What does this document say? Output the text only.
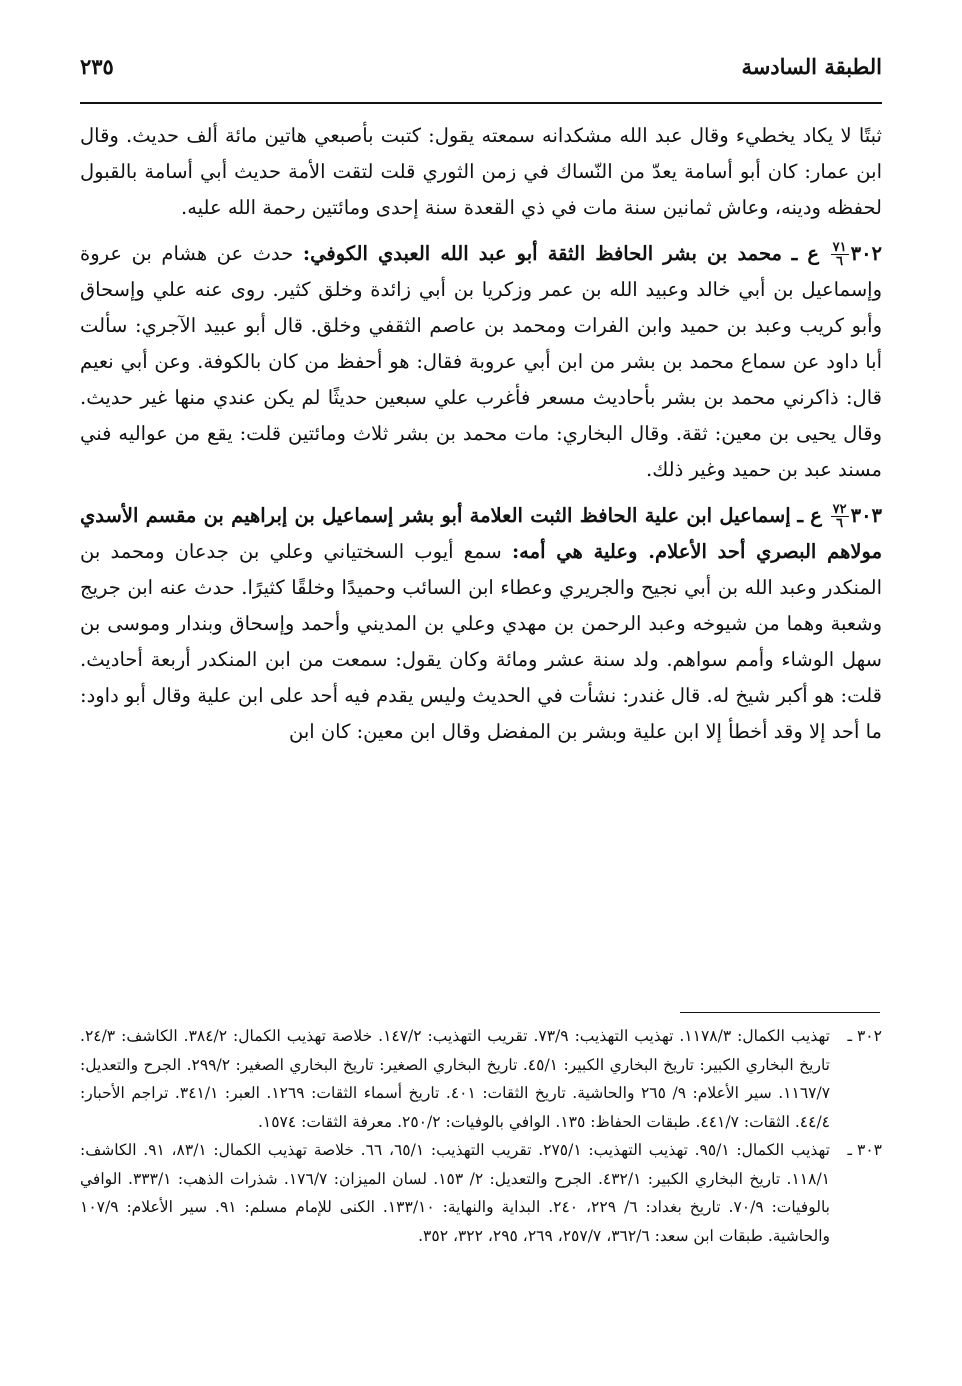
الطبقة السادسة
٢٣٥

ثبتًا لا يكاد يخطيء وقال عبد الله مشكدانه سمعته يقول: كتبت بأصبعي هاتين مائة ألف حديث. وقال ابن عمار: كان أبو أسامة يعدّ من النّساك في زمن الثوري قلت لتقت الأمة حديث أبي أسامة بالقبول لحفظه ودينه، وعاش ثمانين سنة مات في ذي القعدة سنة إحدى ومائتين رحمة الله عليه.

٣٠٢
$\frac{٧١}{٦}$
ع ـ محمد بن بشر الحافظ الثقة أبو عبد الله العبدي الكوفي: حدث عن هشام بن عروة وإسماعيل بن أبي خالد وعبيد الله بن عمر وزكريا بن أبي زائدة وخلق كثير. روى عنه علي وإسحاق وأبو كريب وعبد بن حميد وابن الفرات ومحمد بن عاصم الثقفي وخلق. قال أبو عبيد الآجري: سألت أبا داود عن سماع محمد بن بشر من ابن أبي عروبة فقال: هو أحفظ من كان بالكوفة. وعن أبي نعيم قال: ذاكرني محمد بن بشر بأحاديث مسعر فأغرب علي سبعين حديثًا لم يكن عندي منها غير حديث. وقال يحيى بن معين: ثقة. وقال البخاري: مات محمد بن بشر ثلاث ومائتين قلت: يقع من عواليه فني مسند عبد بن حميد وغير ذلك.

٣٠٣
$\frac{٧٢}{٦}$
ع ـ إسماعيل ابن علية الحافظ الثبت العلامة أبو بشر إسماعيل بن إبراهيم بن مقسم الأسدي مولاهم البصري أحد الأعلام. وعلية هي أمه: سمع أيوب السختياني وعلي بن جدعان ومحمد بن المنكدر وعبد الله بن أبي نجيح والجريري وعطاء ابن السائب وحميدًا وخلقًا كثيرًا. حدث عنه ابن جريج وشعبة وهما من شيوخه وعبد الرحمن بن مهدي وعلي بن المديني وأحمد وإسحاق وبندار وموسى بن سهل الوشاء وأمم سواهم. ولد سنة عشر ومائة وكان يقول: سمعت من ابن المنكدر أربعة أحاديث. قلت: هو أكبر شيخ له. قال غندر: نشأت في الحديث وليس يقدم فيه أحد على ابن علية وقال أبو داود: ما أحد إلا وقد أخطأ إلا ابن علية وبشر بن المفضل وقال ابن معين: كان ابن

٣٠٢ ـتهذيب الكمال: ١١٧٨/٣. تهذيب التهذيب: ٧٣/٩. تقريب التهذيب: ١٤٧/٢. خلاصة تهذيب الكمال: ٣٨٤/٢. الكاشف: ٢٤/٣. تاريخ البخاري الكبير: تاريخ البخاري الكبير: ٤٥/١. تاريخ البخاري الصغير: تاريخ البخاري الصغير: ٢٩٩/٢. الجرح والتعديل: ١١٦٧/٧. سير الأعلام: ٩/ ٢٦٥ والحاشية. تاريخ الثقات: ٤٠١. تاريخ أسماء الثقات: ١٢٦٩. العبر: ٣٤١/١. تراجم الأحبار: ٤٤/٤. الثقات: ٤٤١/٧. طبقات الحفاظ: ١٣٥. الوافي بالوفيات: ٢٥٠/٢. معرفة الثقات: ١٥٧٤.

٣٠٣ ـتهذيب الكمال: ٩٥/١. تهذيب التهذيب: ٢٧٥/١. تقريب التهذيب: ٦٥/١، ٦٦. خلاصة تهذيب الكمال: ٨٣/١، ٩١. الكاشف: ١١٨/١. تاريخ البخاري الكبير: ٤٣٢/١. الجرح والتعديل: ٢/ ١٥٣. لسان الميزان: ١٧٦/٧. شذرات الذهب: ٣٣٣/١. الوافي بالوفيات: ٧٠/٩. تاريخ بغداد: ٦/ ٢٢٩، ٢٤٠. البداية والنهاية: ١٣٣/١٠. الكنى للإمام مسلم: ٩١. سير الأعلام: ١٠٧/٩ والحاشية. طبقات ابن سعد: ٣٦٢/٦، ٢٥٧/٧، ٢٦٩، ٢٩٥، ٣٢٢، ٣٥٢.
